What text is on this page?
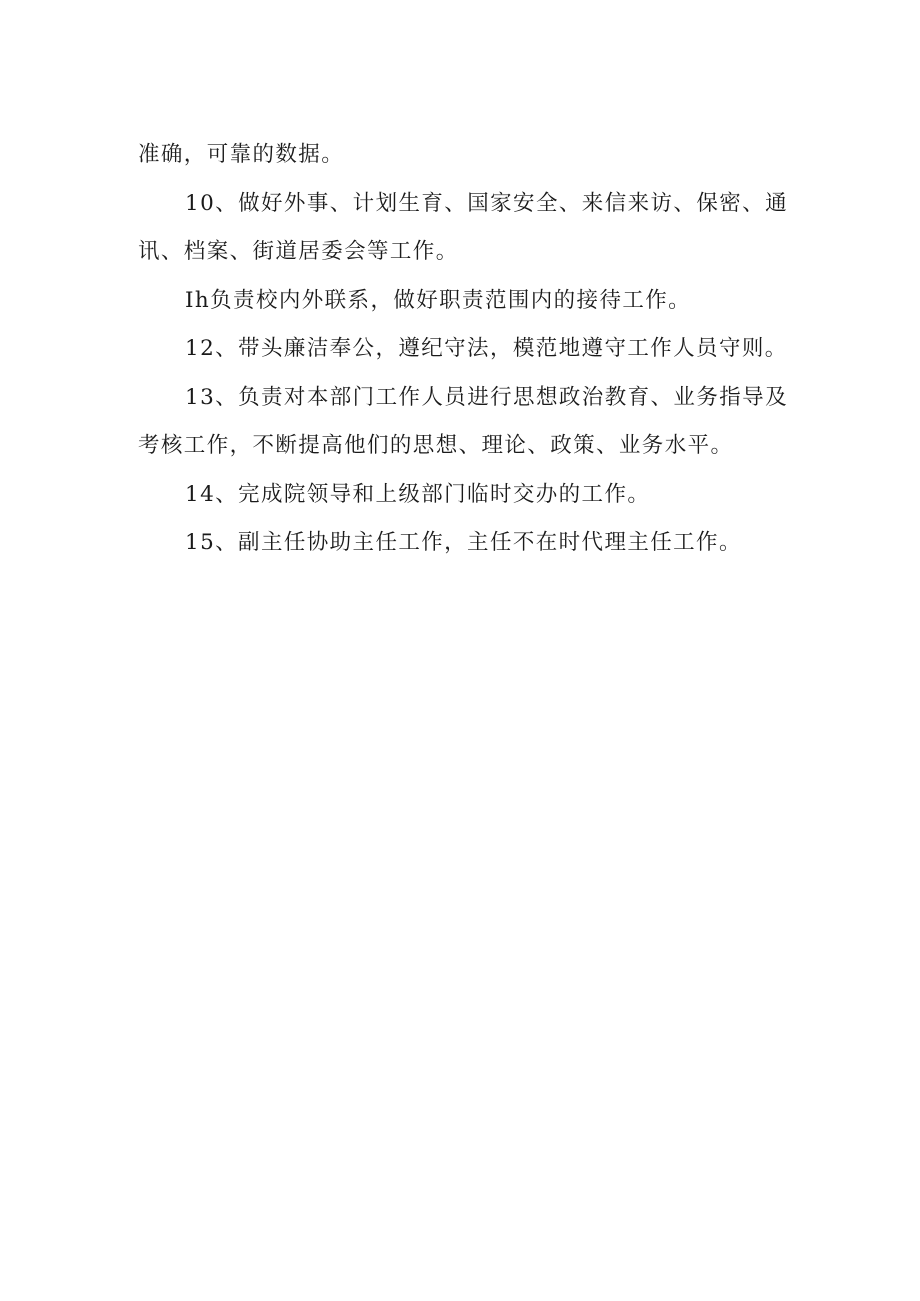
准确，可靠的数据。

10、做好外事、计划生育、国家安全、来信来访、保密、通讯、档案、街道居委会等工作。

Ih负责校内外联系，做好职责范围内的接待工作。

12、带头廉洁奉公，遵纪守法，模范地遵守工作人员守则。

13、负责对本部门工作人员进行思想政治教育、业务指导及考核工作，不断提高他们的思想、理论、政策、业务水平。

14、完成院领导和上级部门临时交办的工作。

15、副主任协助主任工作，主任不在时代理主任工作。
